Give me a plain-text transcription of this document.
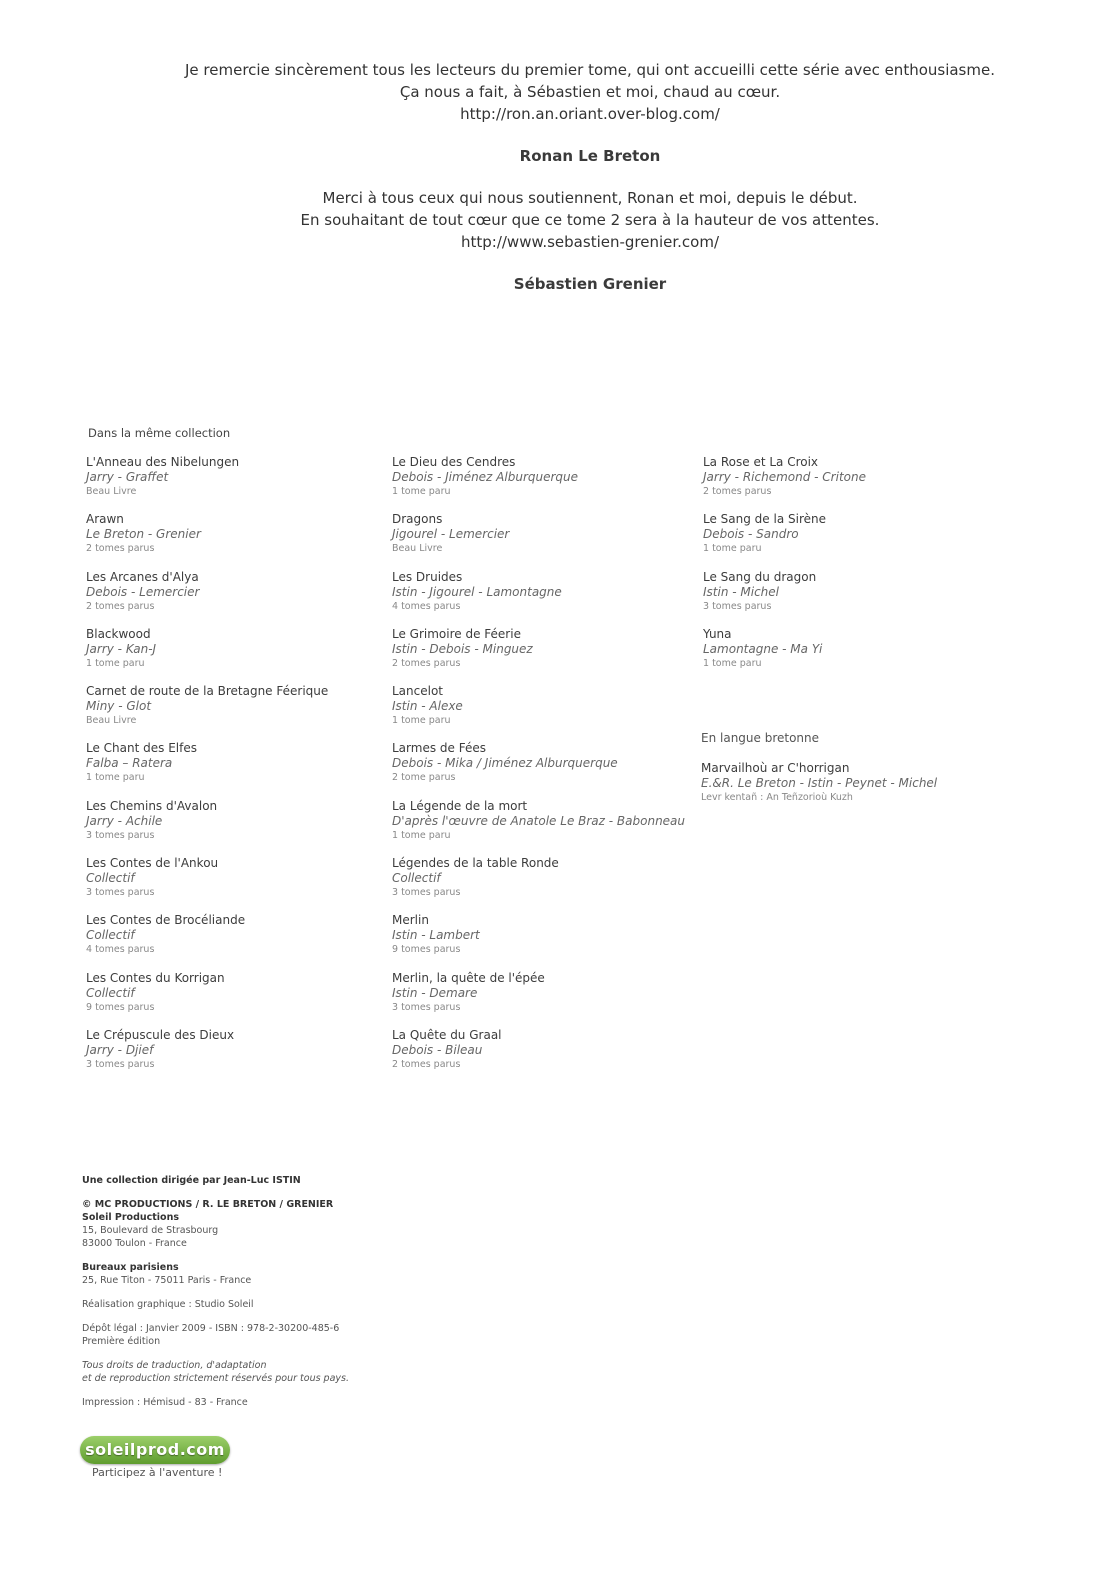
Je remercie sincèrement tous les lecteurs du premier tome, qui ont accueilli cette série avec enthousiasme.
Ça nous a fait, à Sébastien et moi, chaud au cœur.
http://ron.an.oriant.over-blog.com/
Ronan Le Breton
Merci à tous ceux qui nous soutiennent, Ronan et moi, depuis le début.
En souhaitant de tout cœur que ce tome 2 sera à la hauteur de vos attentes.
http://www.sebastien-grenier.com/
Sébastien Grenier
Dans la même collection
L'Anneau des Nibelungen
Jarry - Graffet
Beau Livre
Arawn
Le Breton - Grenier
2 tomes parus
Les Arcanes d'Alya
Debois - Lemercier
2 tomes parus
Blackwood
Jarry - Kan-J
1 tome paru
Carnet de route de la Bretagne Féerique
Miny - Glot
Beau Livre
Le Chant des Elfes
Falba – Ratera
1 tome paru
Les Chemins d'Avalon
Jarry - Achile
3 tomes parus
Les Contes de l'Ankou
Collectif
3 tomes parus
Les Contes de Brocéliande
Collectif
4 tomes parus
Les Contes du Korrigan
Collectif
9 tomes parus
Le Crépuscule des Dieux
Jarry - Djief
3 tomes parus
Le Dieu des Cendres
Debois - Jiménez Alburquerque
1 tome paru
Dragons
Jigourel - Lemercier
Beau Livre
Les Druides
Istin - Jigourel - Lamontagne
4 tomes parus
Le Grimoire de Féerie
Istin - Debois - Minguez
2 tomes parus
Lancelot
Istin - Alexe
1 tome paru
Larmes de Fées
Debois - Mika / Jiménez Alburquerque
2 tome parus
La Légende de la mort
D'après l'œuvre de Anatole Le Braz - Babonneau
1 tome paru
Légendes de la table Ronde
Collectif
3 tomes parus
Merlin
Istin - Lambert
9 tomes parus
Merlin, la quête de l'épée
Istin - Demare
3 tomes parus
La Quête du Graal
Debois - Bileau
2 tomes parus
La Rose et La Croix
Jarry - Richemond - Critone
2 tomes parus
Le Sang de la Sirène
Debois - Sandro
1 tome paru
Le Sang du dragon
Istin - Michel
3 tomes parus
Yuna
Lamontagne - Ma Yi
1 tome paru
En langue bretonne
Marvailhoù ar C'horrigan
E.&R. Le Breton - Istin - Peynet - Michel
Levr kentañ : An Teñzorioù Kuzh
Une collection dirigée par Jean-Luc ISTIN
© MC PRODUCTIONS / R. LE BRETON / GRENIER
Soleil Productions
15, Boulevard de Strasbourg
83000 Toulon - France
Bureaux parisiens
25, Rue Titon - 75011 Paris - France
Réalisation graphique : Studio Soleil
Dépôt légal : Janvier 2009 - ISBN : 978-2-30200-485-6
Première édition
Tous droits de traduction, d'adaptation
et de reproduction strictement réservés pour tous pays.
Impression : Hémisud - 83 - France
soleilprod.com
Participez à l'aventure !
